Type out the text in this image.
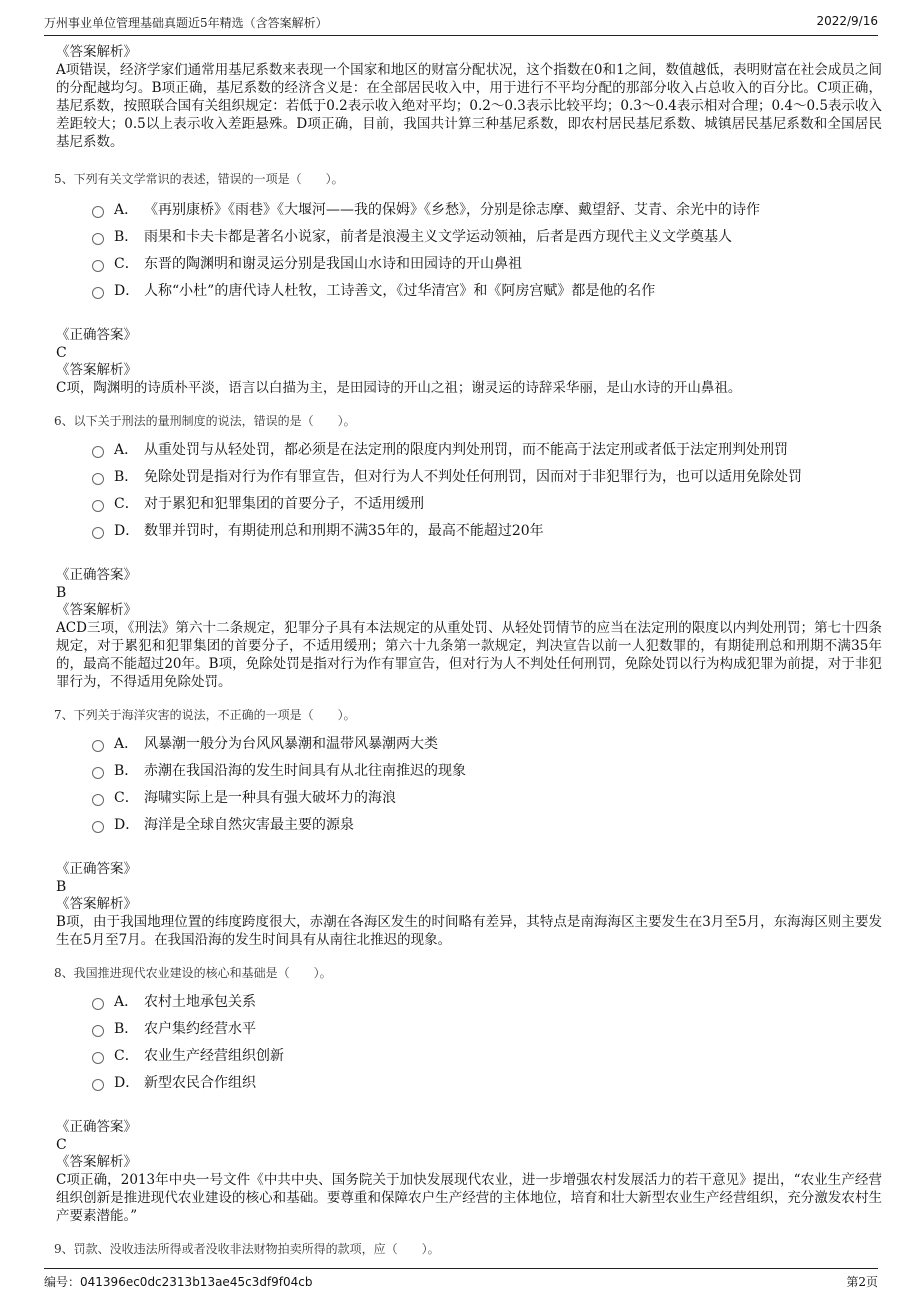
万州事业单位管理基础真题近5年精选（含答案解析）	2022/9/16
《答案解析》
A项错误，经济学家们通常用基尼系数来表现一个国家和地区的财富分配状况，这个指数在0和1之间，数值越低，表明财富在社会成员之间的分配越均匀。B项正确，基尼系数的经济含义是：在全部居民收入中，用于进行不平均分配的那部分收入占总收入的百分比。C项正确，基尼系数，按照联合国有关组织规定：若低于0.2表示收入绝对平均；0.2～0.3表示比较平均；0.3～0.4表示相对合理；0.4～0.5表示收入差距较大；0.5以上表示收入差距悬殊。D项正确，目前，我国共计算三种基尼系数，即农村居民基尼系数、城镇居民基尼系数和全国居民基尼系数。
5、下列有关文学常识的表述，错误的一项是（　　）。
A． 《再别康桥》《雨巷》《大堰河——我的保姆》《乡愁》，分别是徐志摩、戴望舒、艾青、余光中的诗作
B． 雨果和卡夫卡都是著名小说家，前者是浪漫主义文学运动领袖，后者是西方现代主义文学奠基人
C． 东晋的陶渊明和谢灵运分别是我国山水诗和田园诗的开山鼻祖
D． 人称“小杜”的唐代诗人杜牧，工诗善文，《过华清宫》和《阿房宫赋》都是他的名作
《正确答案》
C
《答案解析》
C项，陶渊明的诗质朴平淡，语言以白描为主，是田园诗的开山之祖；谢灵运的诗辞采华丽，是山水诗的开山鼻祖。
6、以下关于刑法的量刑制度的说法，错误的是（　　）。
A． 从重处罚与从轻处罚，都必须是在法定刑的限度内判处刑罚，而不能高于法定刑或者低于法定刑判处刑罚
B． 免除处罚是指对行为作有罪宣告，但对行为人不判处任何刑罚，因而对于非犯罪行为，也可以适用免除处罚
C． 对于累犯和犯罪集团的首要分子，不适用缓刑
D． 数罪并罚时，有期徒刑总和刑期不满35年的，最高不能超过20年
《正确答案》
B
《答案解析》
ACD三项，《刑法》第六十二条规定，犯罪分子具有本法规定的从重处罚、从轻处罚情节的应当在法定刑的限度以内判处刑罚；第七十四条规定，对于累犯和犯罪集团的首要分子，不适用缓刑；第六十九条第一款规定，判决宣告以前一人犯数罪的，有期徒刑总和刑期不满35年的，最高不能超过20年。B项，免除处罚是指对行为作有罪宣告，但对行为人不判处任何刑罚，免除处罚以行为构成犯罪为前提，对于非犯罪行为，不得适用免除处罚。
7、下列关于海洋灾害的说法，不正确的一项是（　　）。
A． 风暴潮一般分为台风风暴潮和温带风暴潮两大类
B． 赤潮在我国沿海的发生时间具有从北往南推迟的现象
C． 海啸实际上是一种具有强大破坏力的海浪
D． 海洋是全球自然灾害最主要的源泉
《正确答案》
B
《答案解析》
B项，由于我国地理位置的纬度跨度很大，赤潮在各海区发生的时间略有差异，其特点是南海海区主要发生在3月至5月，东海海区则主要发生在5月至7月。在我国沿海的发生时间具有从南往北推迟的现象。
8、我国推进现代农业建设的核心和基础是（　　）。
A． 农村土地承包关系
B． 农户集约经营水平
C． 农业生产经营组织创新
D． 新型农民合作组织
《正确答案》
C
《答案解析》
C项正确，2013年中央一号文件《中共中央、国务院关于加快发展现代农业，进一步增强农村发展活力的若干意见》提出，“农业生产经营组织创新是推进现代农业建设的核心和基础。要尊重和保障农户生产经营的主体地位，培育和壮大新型农业生产经营组织，充分激发农村生产要素潜能。”
9、罚款、没收违法所得或者没收非法财物拍卖所得的款项，应（　　）。
编号：041396ec0dc2313b13ae45c3df9f04cb	第2页
